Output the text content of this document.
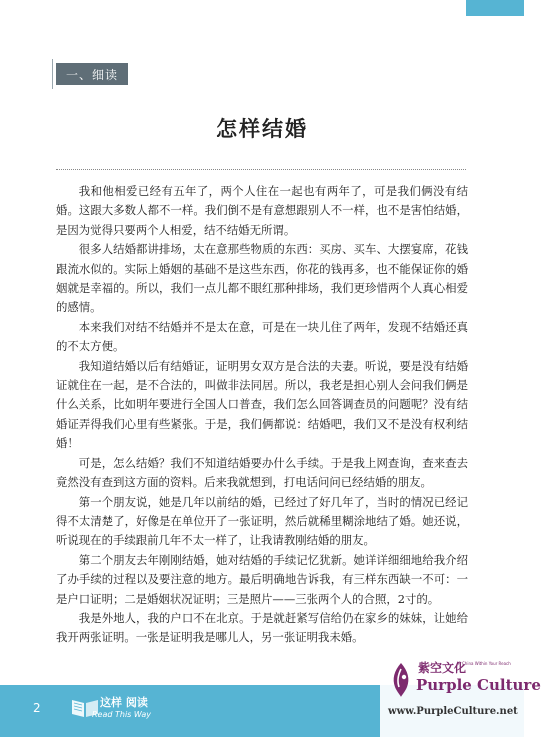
一、细读
怎样结婚

我和他相爱已经有五年了，两个人住在一起也有两年了，可是我们俩没有结婚。这跟大多数人都不一样。我们倒不是有意想跟别人不一样，也不是害怕结婚，是因为觉得只要两个人相爱，结不结婚无所谓。

很多人结婚都讲排场，太在意那些物质的东西：买房、买车、大摆宴席，花钱跟流水似的。实际上婚姻的基础不是这些东西，你花的钱再多，也不能保证你的婚姻就是幸福的。所以，我们一点儿都不眼红那种排场，我们更珍惜两个人真心相爱的感情。

本来我们对结不结婚并不是太在意，可是在一块儿住了两年，发现不结婚还真的不太方便。

我知道结婚以后有结婚证，证明男女双方是合法的夫妻。听说，要是没有结婚证就住在一起，是不合法的，叫做非法同居。所以，我老是担心别人会问我们俩是什么关系，比如明年要进行全国人口普查，我们怎么回答调查员的问题呢？没有结婚证弄得我们心里有些紧张。于是，我们俩都说：结婚吧，我们又不是没有权利结婚！

可是，怎么结婚？我们不知道结婚要办什么手续。于是我上网查询，查来查去竟然没有查到这方面的资料。后来我就想到，打电话问问已经结婚的朋友。

第一个朋友说，她是几年以前结的婚，已经过了好几年了，当时的情况已经记得不太清楚了，好像是在单位开了一张证明，然后就稀里糊涂地结了婚。她还说，听说现在的手续跟前几年不太一样了，让我请教刚结婚的朋友。

第二个朋友去年刚刚结婚，她对结婚的手续记忆犹新。她详详细细地给我介绍了办手续的过程以及要注意的地方。最后明确地告诉我，有三样东西缺一不可：一是户口证明；二是婚姻状况证明；三是照片——三张两个人的合照，2寸的。

我是外地人，我的户口不在北京。于是就赶紧写信给仍在家乡的妹妹，让她给我开两张证明。一张是证明我是哪儿人，另一张证明我未婚。

2	这样 阅读
Read This Way
紫空文化
A China Within Your Reach
Purple Culture
www.PurpleCulture.net
